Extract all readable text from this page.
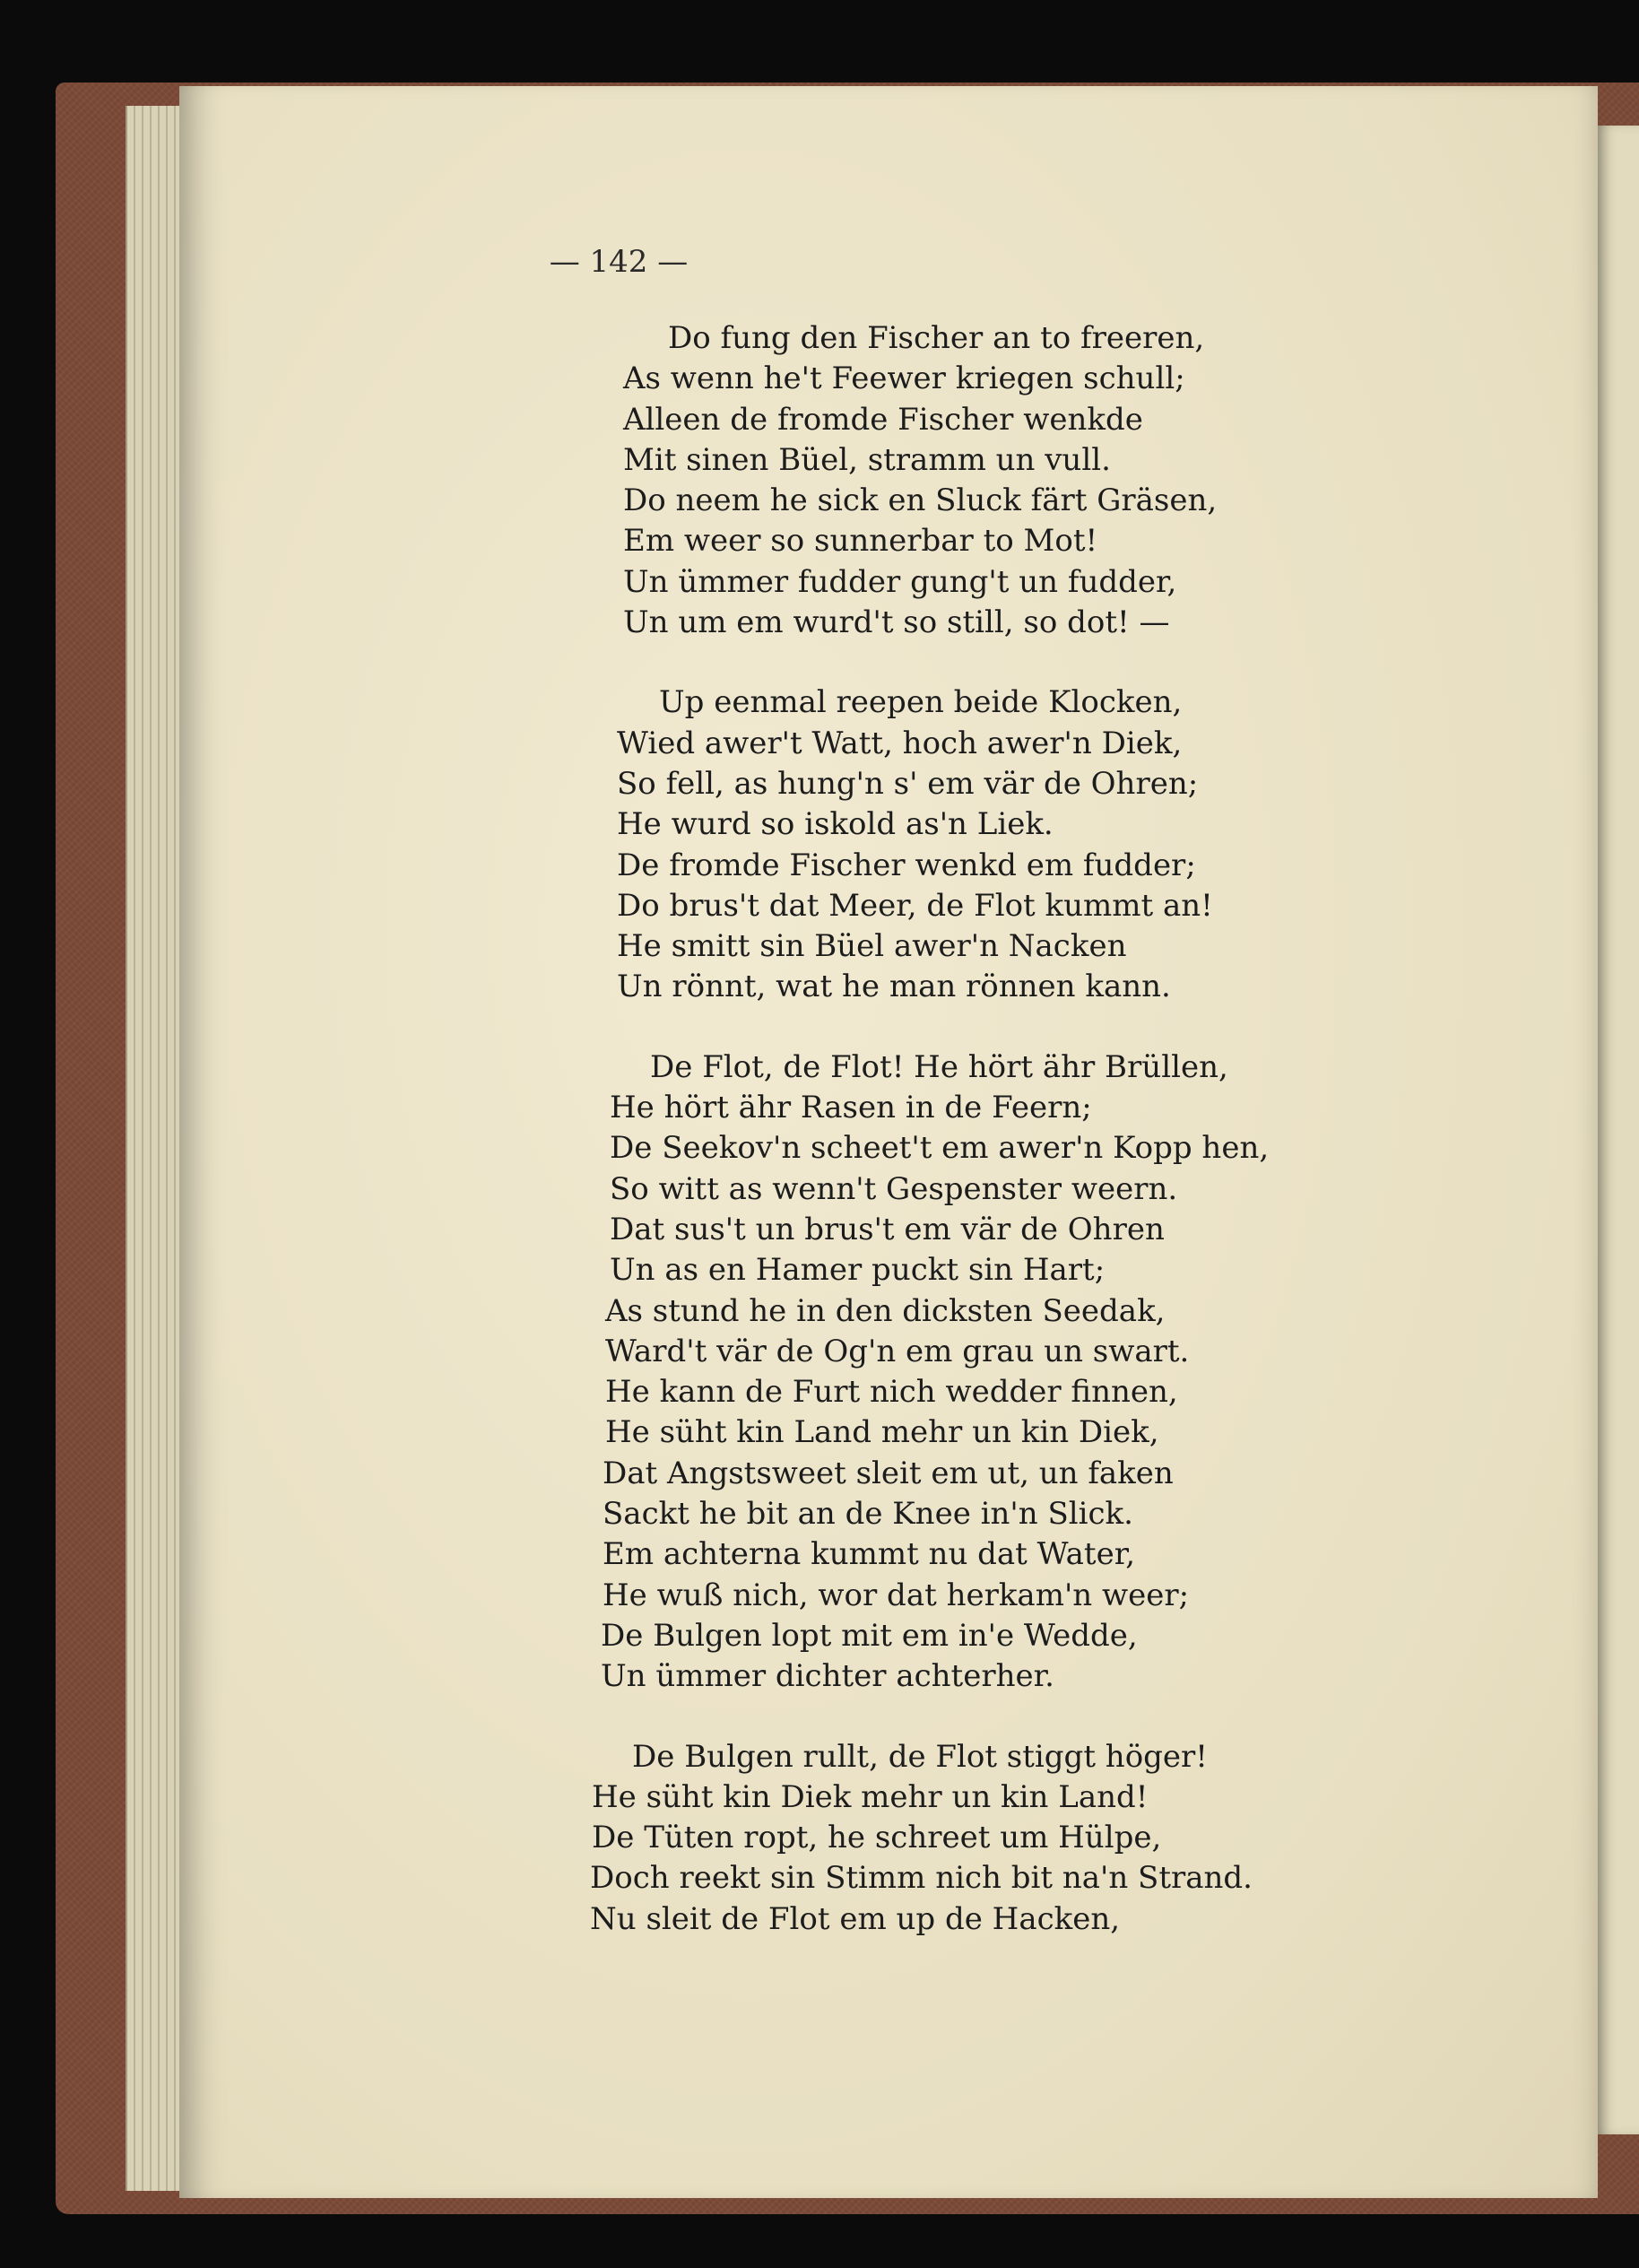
— 142 —
Do fung den Fischer an to freeren,
As wenn he't Feewer kriegen schull;
Alleen de fromde Fischer wenkde
Mit sinen Büel, stramm un vull.
Do neem he sick en Sluck färt Gräsen,
Em weer so sunnerbar to Mot!
Un ümmer fudder gung't un fudder,
Un um em wurd't so still, so dot! —
Up eenmal reepen beide Klocken,
Wied awer't Watt, hoch awer'n Diek,
So fell, as hung'n s' em vär de Ohren;
He wurd so iskold as'n Liek.
De fromde Fischer wenkd em fudder;
Do brus't dat Meer, de Flot kummt an!
He smitt sin Büel awer'n Nacken
Un rönnt, wat he man rönnen kann.
De Flot, de Flot! He hört ähr Brüllen,
He hört ähr Rasen in de Feern;
De Seekov'n scheet't em awer'n Kopp hen,
So witt as wenn't Gespenster weern.
Dat sus't un brus't em vär de Ohren
Un as en Hamer puckt sin Hart;
As stund he in den dicksten Seedak,
Ward't vär de Og'n em grau un swart.
He kann de Furt nich wedder finnen,
He süht kin Land mehr un kin Diek,
Dat Angstsweet sleit em ut, un faken
Sackt he bit an de Knee in'n Slick.
Em achterna kummt nu dat Water,
He wuß nich, wor dat herkam'n weer;
De Bulgen lopt mit em in'e Wedde,
Un ümmer dichter achterher.
De Bulgen rullt, de Flot stiggt höger!
He süht kin Diek mehr un kin Land!
De Tüten ropt, he schreet um Hülpe,
Doch reekt sin Stimm nich bit na'n Strand.
Nu sleit de Flot em up de Hacken,
